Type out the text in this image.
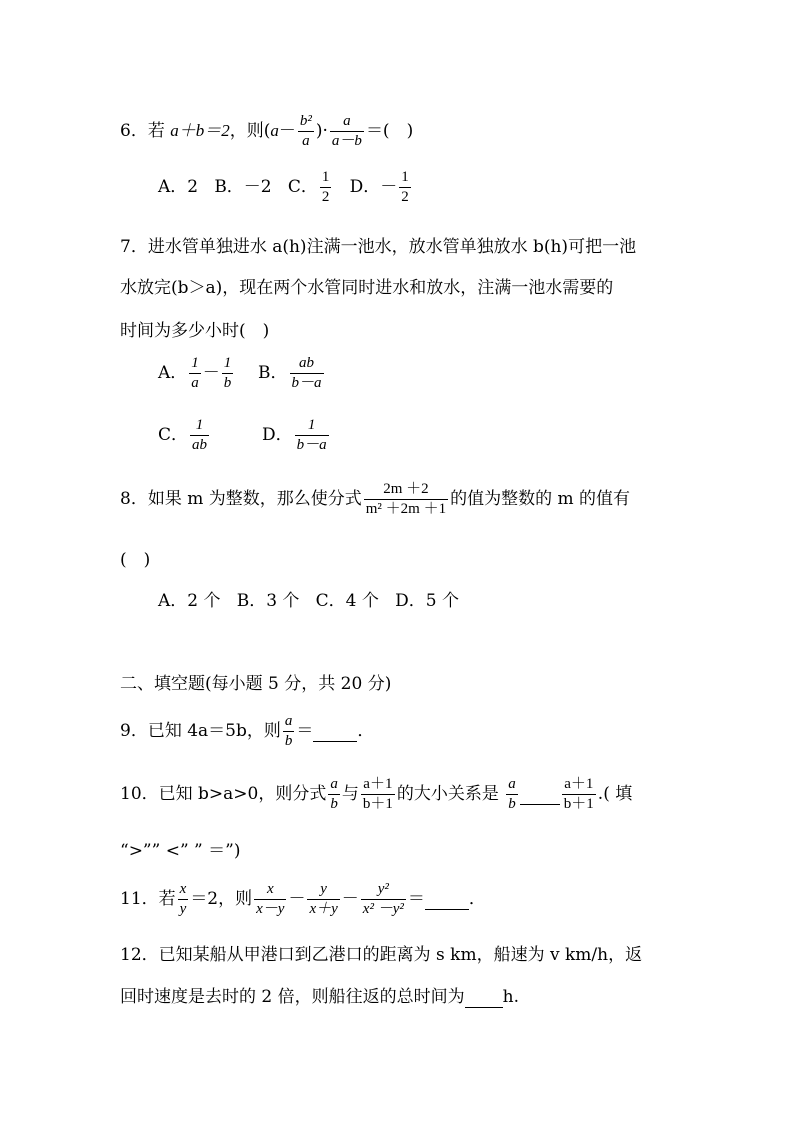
6．若 a＋b＝2，则($a- \frac{\text{b²}}{a}$ )· $\frac{a}{a-b}$ ＝(　)
A．2 B．－2 C． $\frac{1}{2}$ D．－ $\frac{1}{2}$
7．进水管单独进水 a(h)注满一池水，放水管单独放水 b(h)可把一池
水放完(b＞a)，现在两个水管同时进水和放水，注满一池水需要的
时间为多少小时(　)
A． $\frac{1}{a} - \frac{1}{b}$ B． $\frac{ab}{b-a}$
C． $\frac{1}{ab}$	D． $\frac{1}{b-a}$
8．如果 m 为整数，那么使分式 $\frac{2m +2}{\text{m² ＋2m ＋1}}$ 的值为整数的 m 的值有
(　)
A．2 个 B．3 个 C．4 个 D．5 个
二、填空题(每小题 5 分，共 20 分)
9．已知 4a＝5b，则 $\frac{a}{b}$ ＝	．
10．已知 b>a>0，则分式 $\frac{a}{b}$ 与 $\frac{a+1}{b+1}$ 的大小关系是 $\frac{a}{b}$
	$\frac{a+1}{b+1}$ .( 填
“>”” <” ” ＝”)
11．若 $\frac{x}{y} =2$，则 $\frac{x}{x-y} - \frac{y}{x+y} - \frac{\text{y²}}{\text{x² －y²}}$ ＝	．
12．已知某船从甲港口到乙港口的距离为 s km，船速为 v km/h，返
回时速度是去时的 2 倍，则船往返的总时间为 h.
